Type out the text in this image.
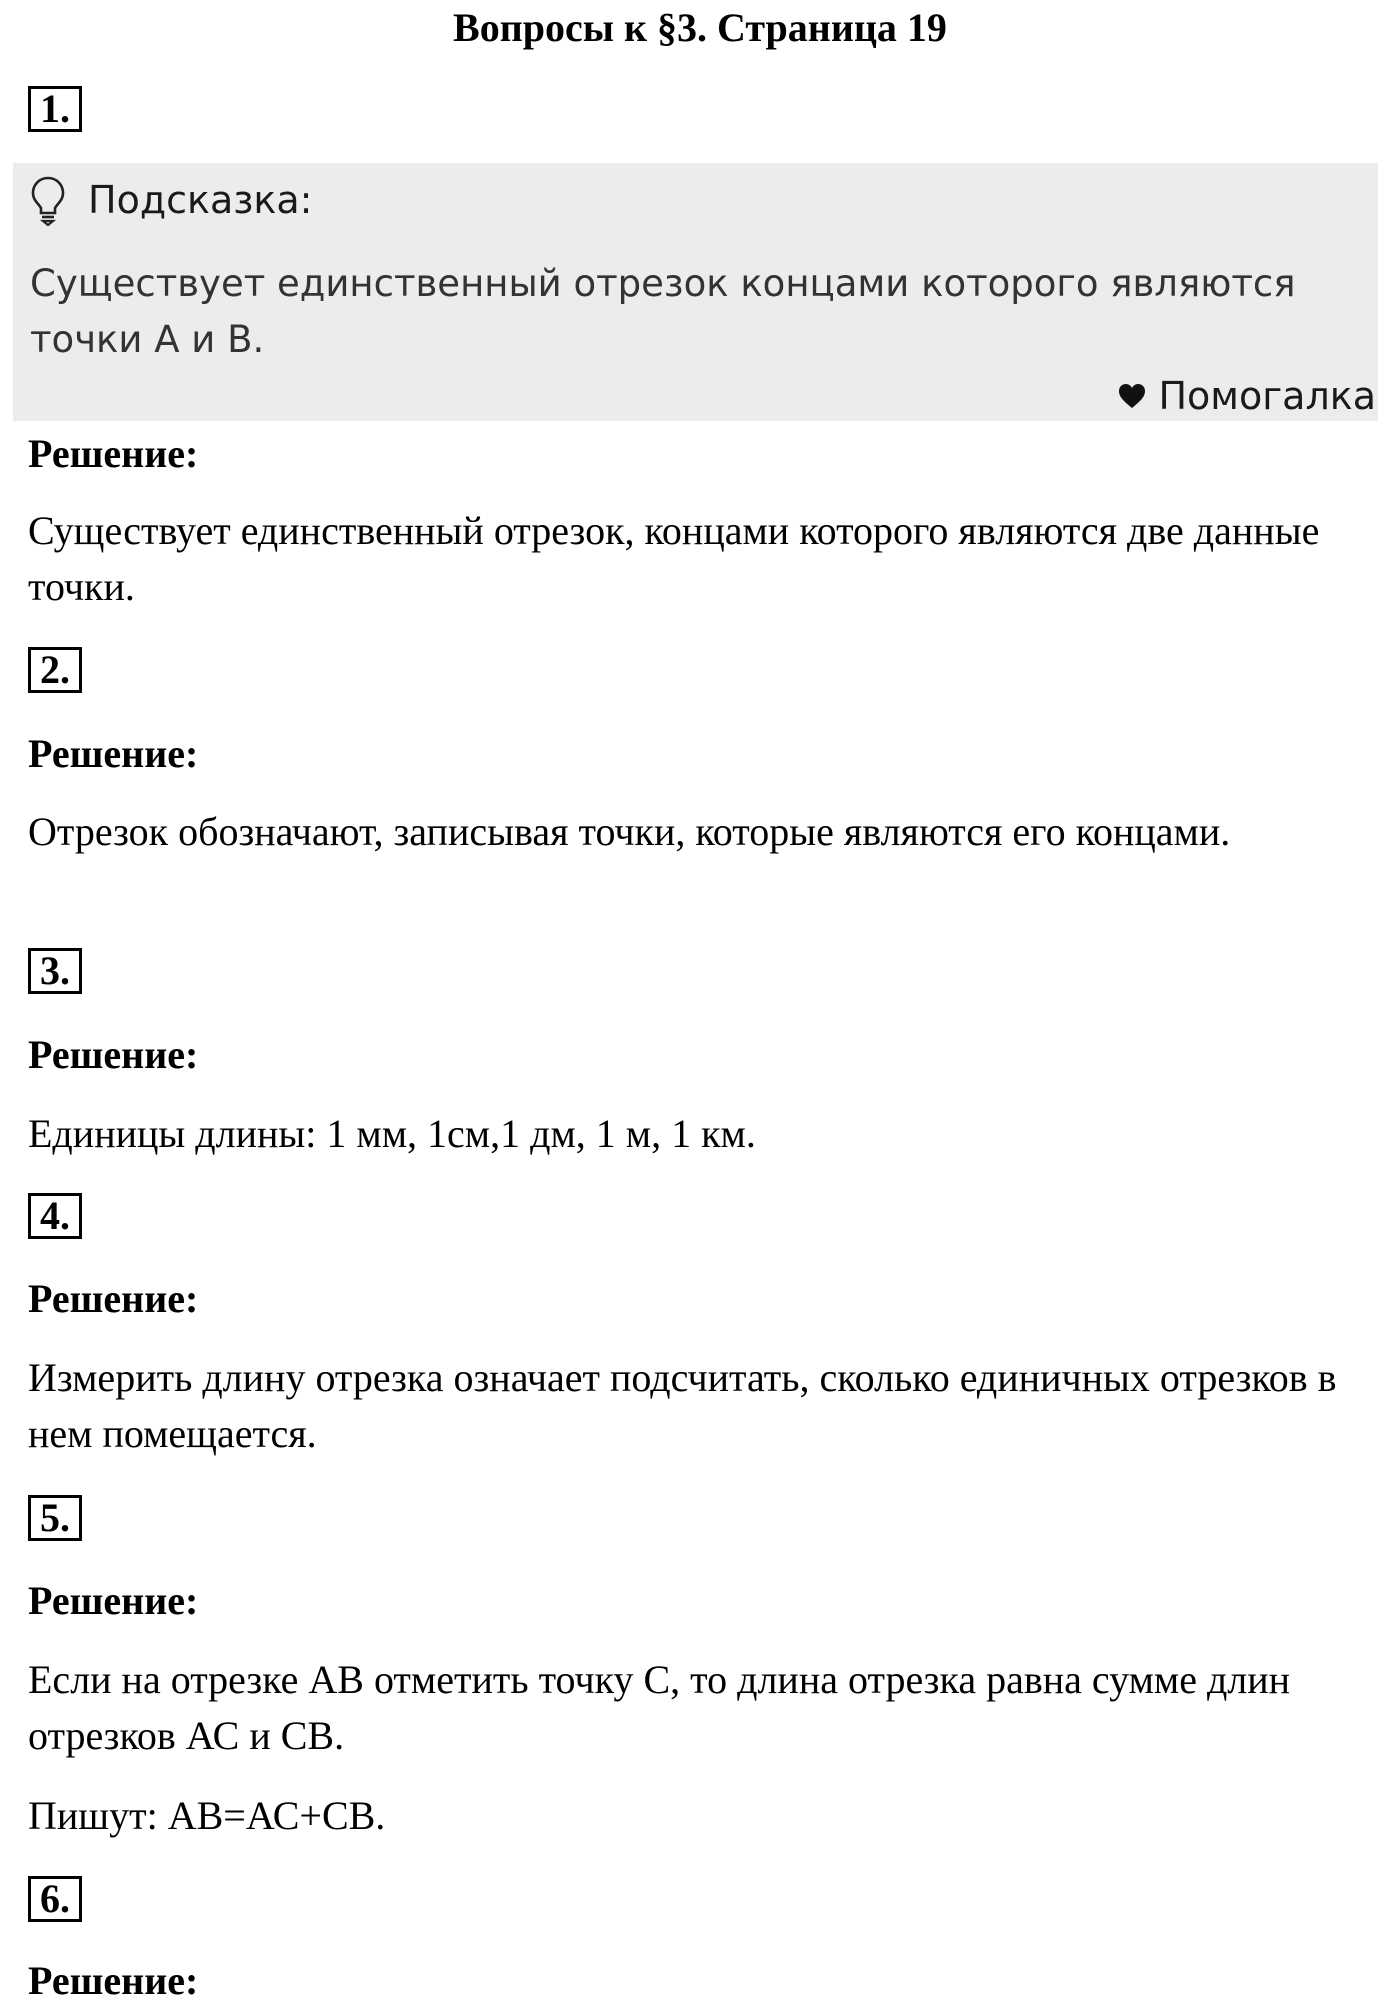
Вопросы к §3. Страница 19
1.
Подсказка:
Существует единственный отрезок концами которого являются точки А и В.
Помогалка
Решение:
Существует единственный отрезок, концами которого являются две данные точки.
2.
Решение:
Отрезок обозначают, записывая точки, которые являются его концами.
3.
Решение:
Единицы длины: 1 мм, 1см,1 дм, 1 м, 1 км.
4.
Решение:
Измерить длину отрезка означает подсчитать, сколько единичных отрезков в нем помещается.
5.
Решение:
Если на отрезке АВ отметить точку С, то длина отрезка равна сумме длин отрезков АС и СВ.
Пишут: АВ=АС+СВ.
6.
Решение:
